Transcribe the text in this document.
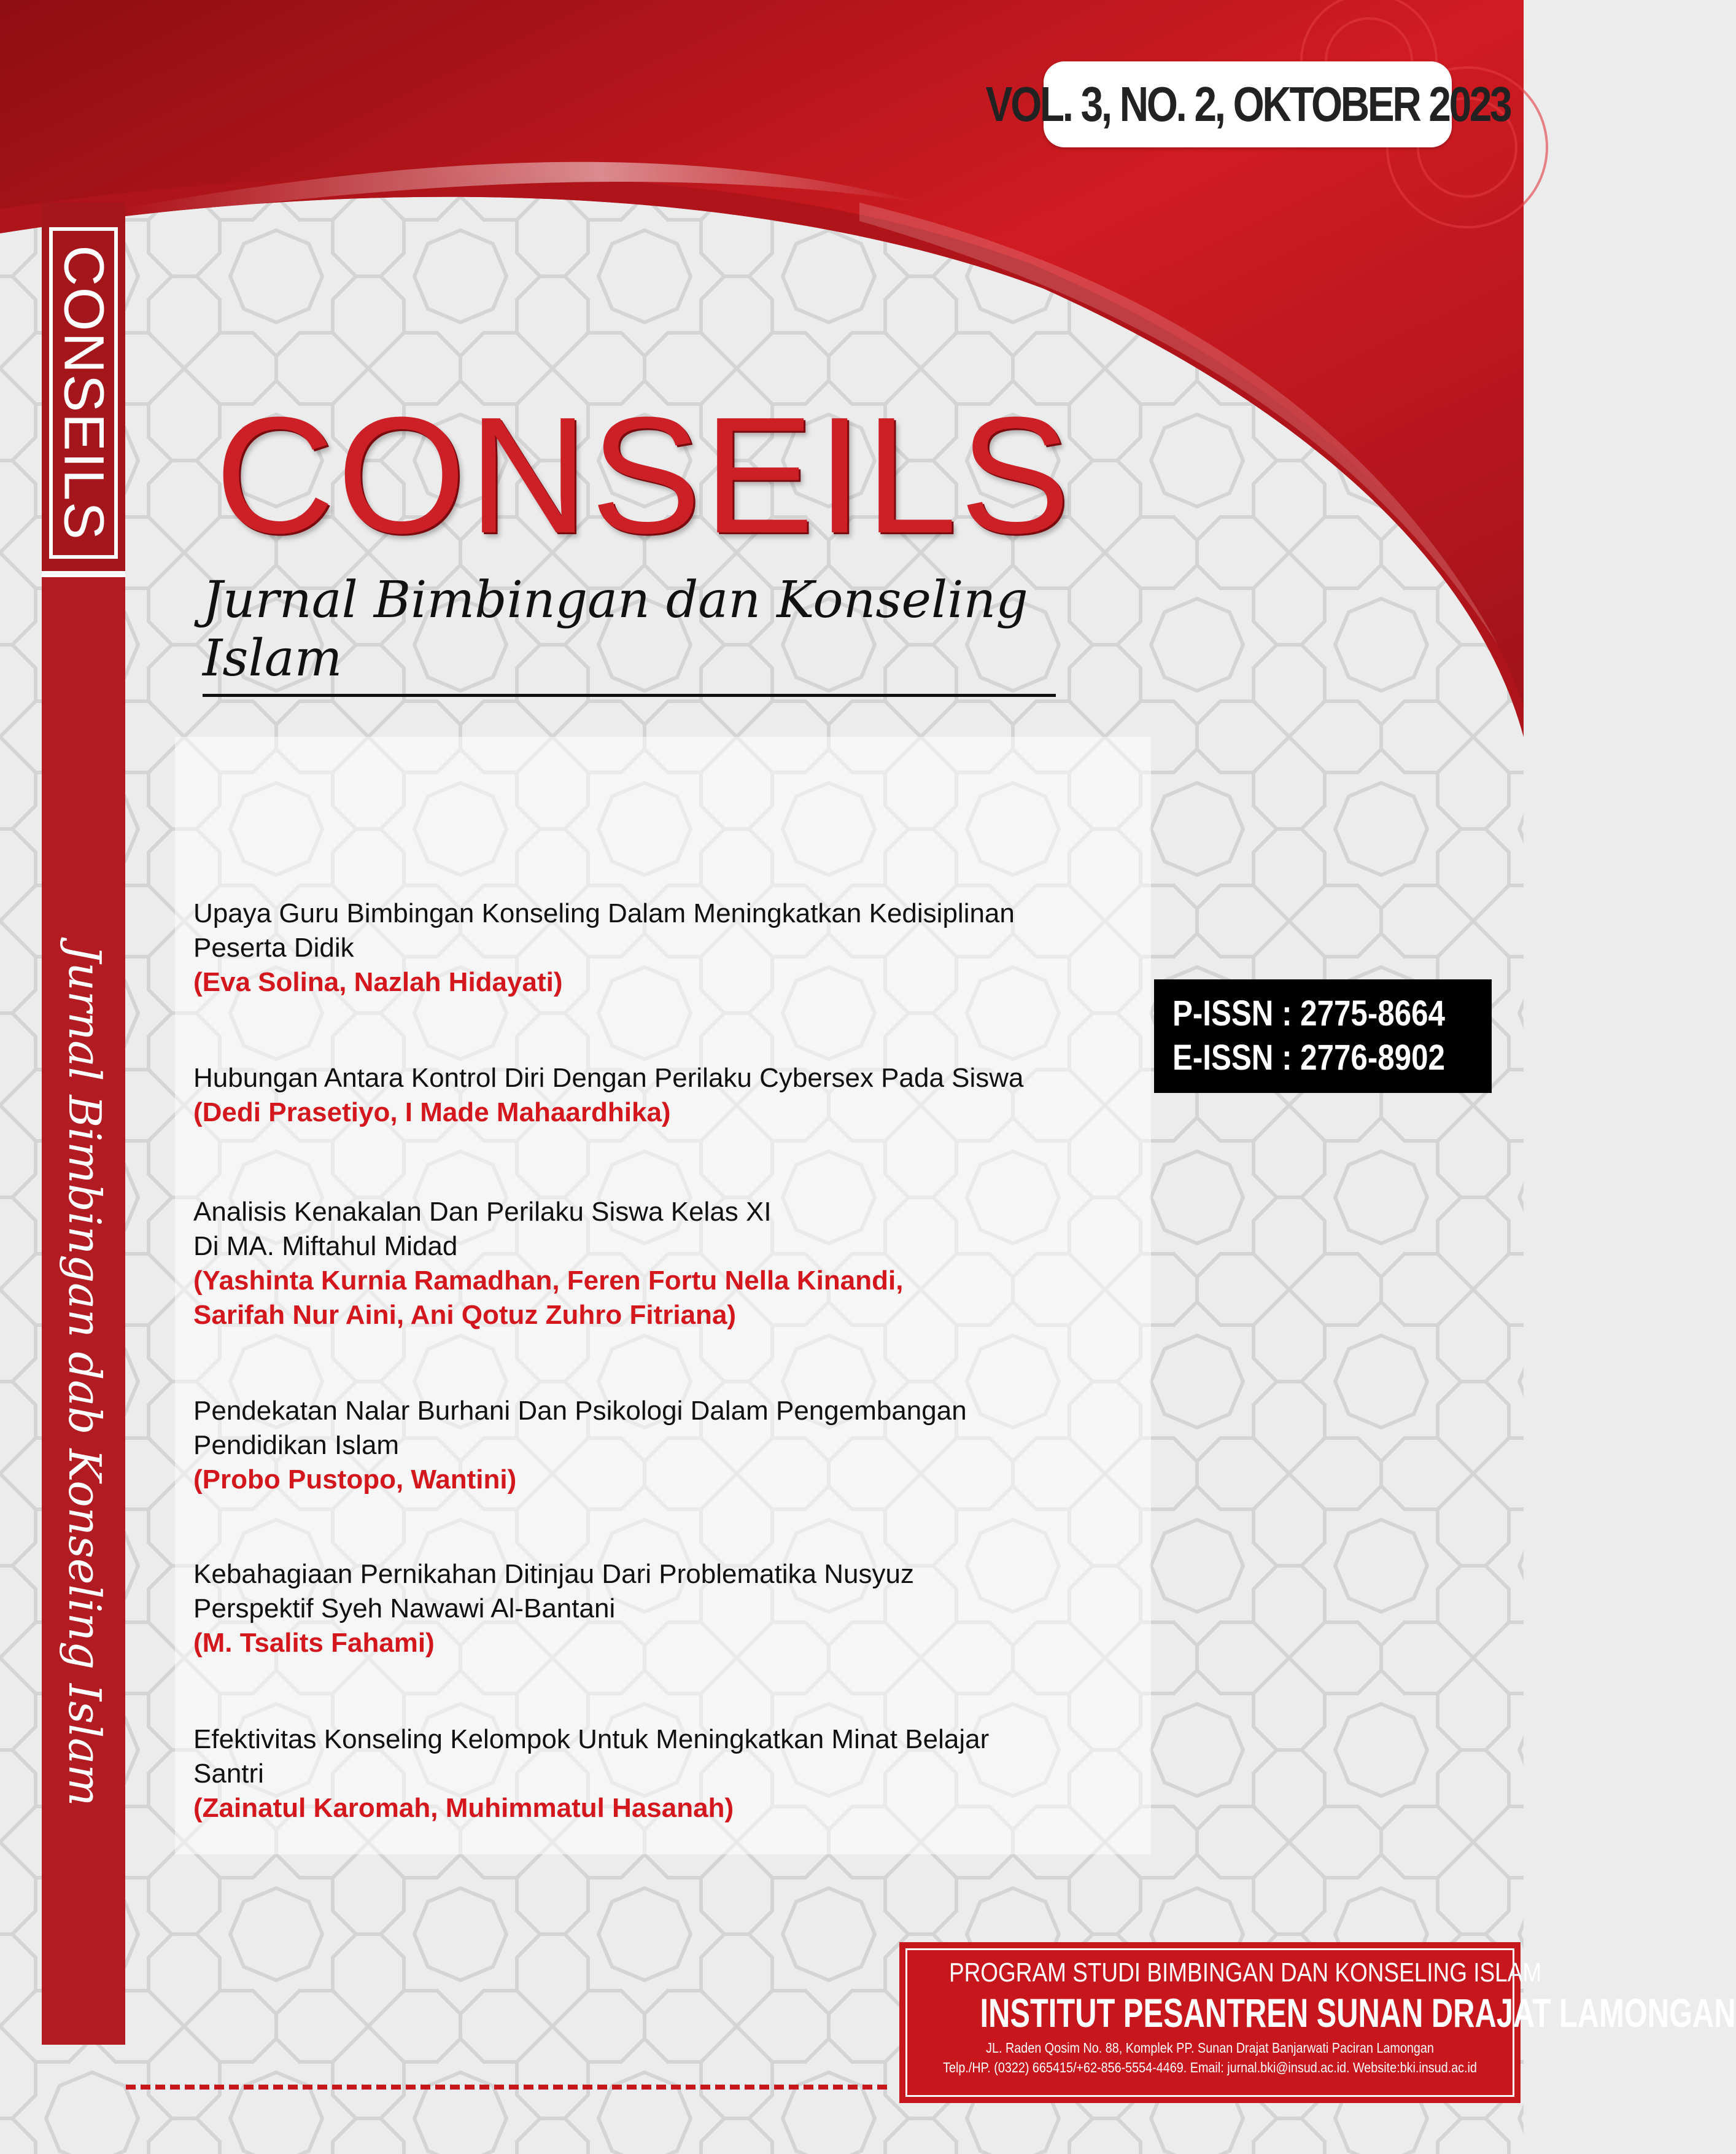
VOL. 3, NO. 2, OKTOBER 2023
CONSEILS
Jurnal Bimbingan dab Konseling Islam
CONSEILS
Jurnal Bimbingan dan Konseling Islam
Upaya Guru Bimbingan Konseling Dalam Meningkatkan Kedisiplinan
Peserta Didik
(Eva Solina, Nazlah Hidayati)
Hubungan Antara Kontrol Diri Dengan Perilaku Cybersex Pada Siswa
(Dedi Prasetiyo, I Made Mahaardhika)
Analisis Kenakalan Dan Perilaku Siswa Kelas XI
Di MA. Miftahul Midad
(Yashinta Kurnia Ramadhan, Feren Fortu Nella Kinandi,
Sarifah Nur Aini, Ani Qotuz Zuhro Fitriana)
Pendekatan Nalar Burhani Dan Psikologi Dalam Pengembangan
Pendidikan Islam
(Probo Pustopo, Wantini)
Kebahagiaan Pernikahan Ditinjau Dari Problematika Nusyuz
Perspektif Syeh Nawawi Al-Bantani
(M. Tsalits Fahami)
Efektivitas Konseling Kelompok Untuk Meningkatkan Minat Belajar
Santri
(Zainatul Karomah, Muhimmatul Hasanah)
P-ISSN : 2775-8664
E-ISSN : 2776-8902
PROGRAM STUDI BIMBINGAN DAN KONSELING ISLAM
INSTITUT PESANTREN SUNAN DRAJAT LAMONGAN
JL. Raden Qosim No. 88, Komplek PP. Sunan Drajat Banjarwati Paciran Lamongan
Telp./HP. (0322) 665415/+62-856-5554-4469. Email: jurnal.bki@insud.ac.id. Website:bki.insud.ac.id
